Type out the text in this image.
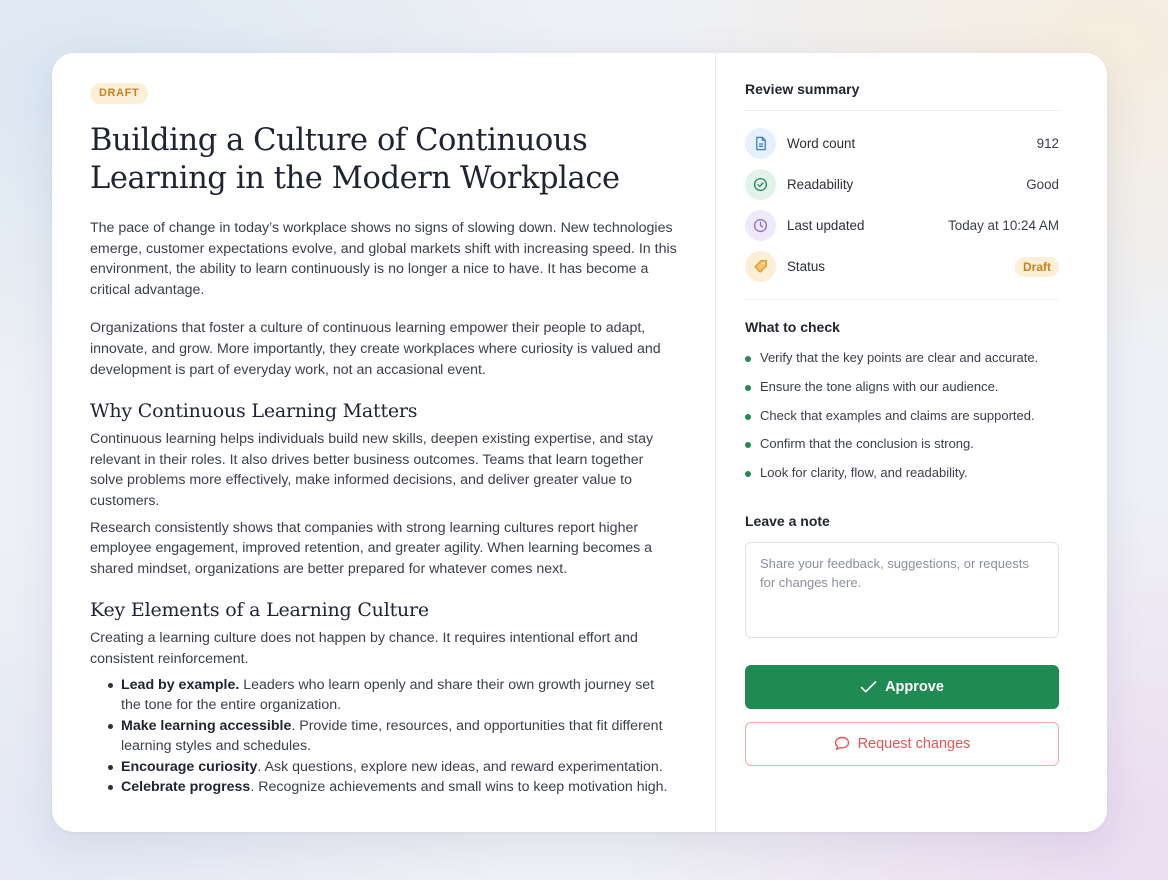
DRAFT
Building a Culture of Continuous
Learning in the Modern Workplace

The pace of change in today’s workplace shows no signs of slowing down. New technologies emerge, customer expectations evolve, and global markets shift with increasing speed. In this environment, the ability to learn continuously is no longer a nice to have. It has become a critical advantage.

Organizations that foster a culture of continuous learning empower their people to adapt, innovate, and grow. More importantly, they create workplaces where curiosity is valued and development is part of everyday work, not an accasional event.

Why Continuous Learning Matters

Continuous learning helps individuals build new skills, deepen existing expertise, and stay relevant in their roles. It also drives better business outcomes. Teams that learn together solve problems more effectively, make informed decisions, and deliver greater value to customers.

Research consistently shows that companies with strong learning cultures report higher employee engagement, improved retention, and greater agility. When learning becomes a shared mindset, organizations are better prepared for whatever comes next.

Key Elements of a Learning Culture

Creating a learning culture does not happen by chance. It requires intentional effort and consistent reinforcement.

Lead by example. Leaders who learn openly and share their own growth journey set the tone for the entire organization.
Make learning accessible. Provide time, resources, and opportunities that fit different learning styles and schedules.
Encourage curiosity. Ask questions, explore new ideas, and reward experimentation.
Celebrate progress. Recognize achievements and small wins to keep motivation high.
Review summary
Word count	912
Readability	Good
Last updated	Today at 10:24 AM
Status	Draft
What to check
Verify that the key points are clear and accurate.
Ensure the tone aligns with our audience.
Check that examples and claims are supported.
Confirm that the conclusion is strong.
Look for clarity, flow, and readability.
Leave a note
Share your feedback, suggestions, or requests for changes here.
Approve
Request changes
